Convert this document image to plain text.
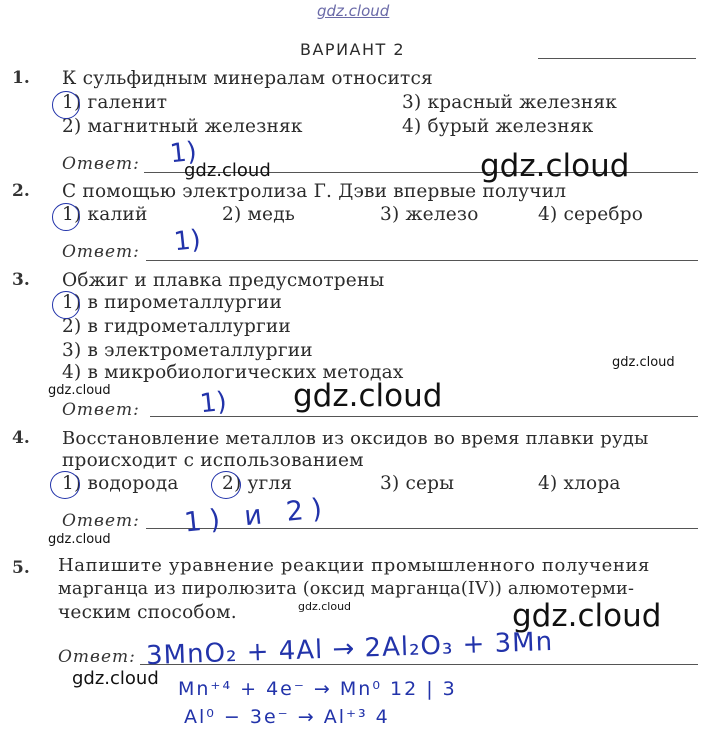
gdz.cloud
ВАРИАНТ 2
1. К сульфидным минералам относится
1) галенит	3) красный железняк
2) магнитный железняк	4) бурый железняк
Ответ: 1)
2. С помощью электролиза Г. Дэви впервые получил
1) калий	2) медь	3) железо	4) серебро
Ответ: 1)
3. Обжиг и плавка предусмотрены
1) в пирометаллургии
2) в гидрометаллургии
3) в электрометаллургии
4) в микробиологических методах
Ответ: 1)
4. Восстановление металлов из оксидов во время плавки руды
происходит с использованием
1) водорода 2) угля	3) серы	4) хлора
Ответ: 1) и 2)
5. Напишите уравнение реакции промышленного получения
марганца из пиролюзита (оксид марганца(IV)) алюмотерми-
ческим способом.
Ответ: 3MnO₂ + 4Al → 2Al₂O₃ + 3Mn
Mn⁺⁴ + 4e⁻ → Mn⁰ 12 | 3
Al⁰ − 3e⁻ → Al⁺³ 4
gdz.cloud	gdz.cloud
gdz.cloud
gdz.cloud	gdz.cloud
gdz.cloud
gdz.cloud	gdz.cloud
gdz.cloud
